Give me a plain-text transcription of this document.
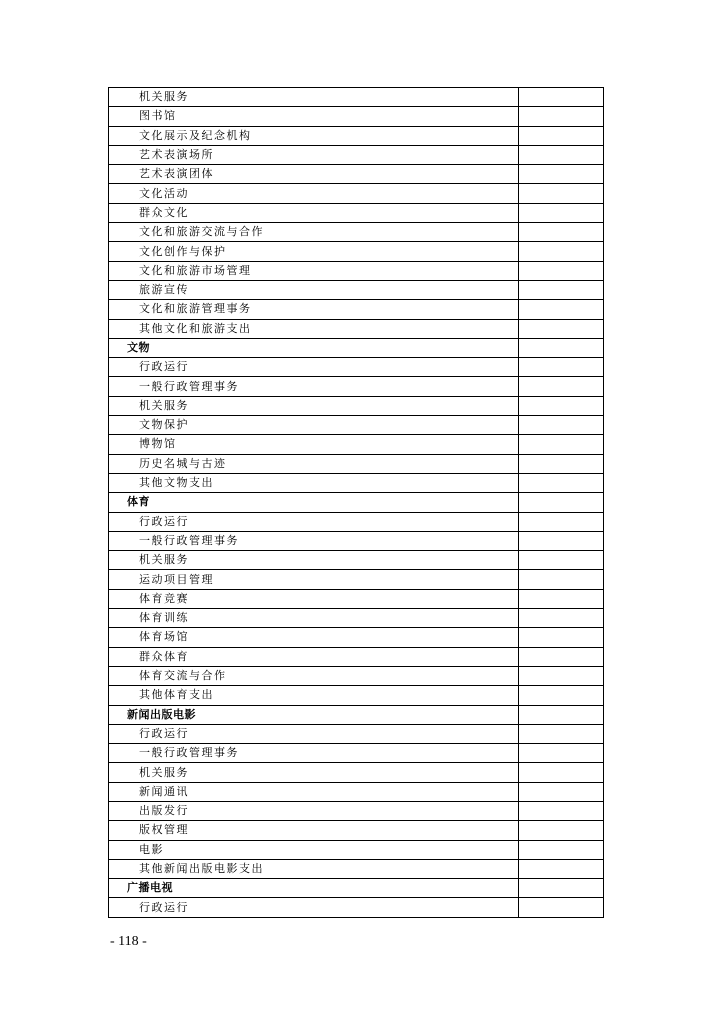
机关服务	
图书馆	
文化展示及纪念机构	
艺术表演场所	
艺术表演团体	
文化活动	
群众文化	
文化和旅游交流与合作	
文化创作与保护	
文化和旅游市场管理	
旅游宣传	
文化和旅游管理事务	
其他文化和旅游支出	
文物	
行政运行	
一般行政管理事务	
机关服务	
文物保护	
博物馆	
历史名城与古迹	
其他文物支出	
体育	
行政运行	
一般行政管理事务	
机关服务	
运动项目管理	
体育竞赛	
体育训练	
体育场馆	
群众体育	
体育交流与合作	
其他体育支出	
新闻出版电影	
行政运行	
一般行政管理事务	
机关服务	
新闻通讯	
出版发行	
版权管理	
电影	
其他新闻出版电影支出	
广播电视	
行政运行	
- 118 -
